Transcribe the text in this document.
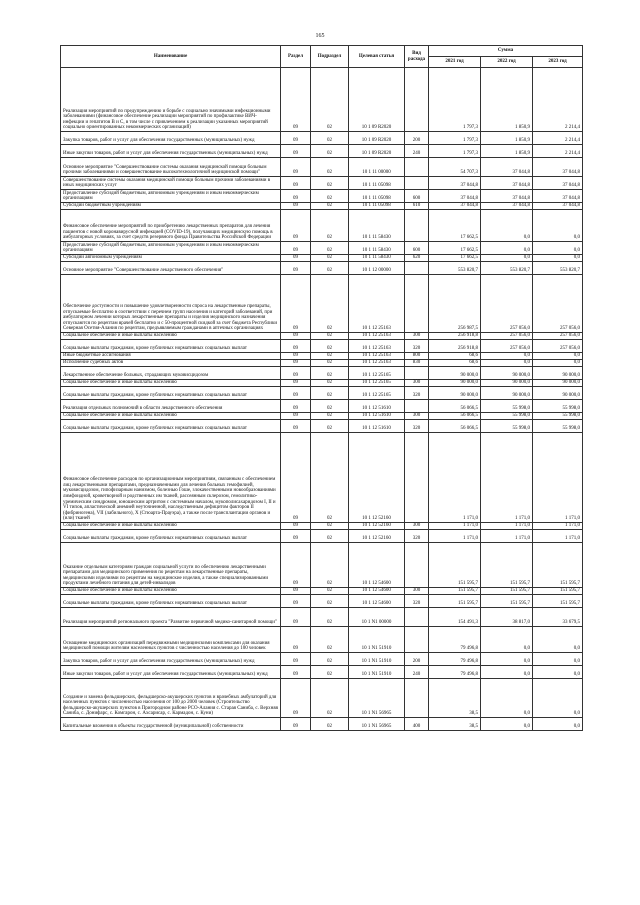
165
Наименование	Раздел	Подраздел	Целевая статья	Вид расхода	Сумма		
					2021 год	2022 год	2023 год
Реализация мероприятий по предупреждению и борьбе с социально значимыми инфекционными заболеваниями (финансовое обеспечение реализации мероприятий по профилактике ВИЧ-инфекции и гепатитов B и C, в том числе с привлечением к реализации указанных мероприятий социально ориентированных некоммерческих организаций)	09	02	10 1 09 R2020		1 797,3	1 850,9	2 214,4
Закупка товаров, работ и услуг для обеспечения государственных (муниципальных) нужд	09	02	10 1 09 R2020	200	1 797,3	1 850,9	2 214,4
Иные закупки товаров, работ и услуг для обеспечения государственных (муниципальных) нужд	09	02	10 1 09 R2020	240	1 797,3	1 850,9	2 214,4
Основное мероприятие "Совершенствование системы оказания медицинской помощи больным прочими заболеваниями и совершенствование высокотехнологичной медицинской помощи"	09	02	10 1 11 00000		54 707,3	37 044,8	37 044,8
Совершенствование системы оказания медицинской помощи больным прочими заболеваниями в иных медицинских услуг	09	02	10 1 11 05098		37 044,8	37 044,8	37 044,8
Предоставление субсидий бюджетным, автономным учреждениям и иным некоммерческим организациям	09	02	10 1 11 05098	600	37 044,8	37 044,8	37 044,8
Субсидии бюджетным учреждениям	09	02	10 1 11 05098	610	37 044,8	37 044,8	37 044,8
Финансовое обеспечение мероприятий по приобретению лекарственных препаратов для лечения пациентов с новой коронавирусной инфекцией (COVID-19), получающих медицинскую помощь в амбулаторных условиях, за счет средств резервного фонда Правительства Российской Федерации	09	02	10 1 11 58430		17 662,5	0,0	0,0
Предоставление субсидий бюджетным, автономным учреждениям и иным некоммерческим организациям	09	02	10 1 11 58430	600	17 662,5	0,0	0,0
Субсидии автономным учреждениям	09	02	10 1 11 58430	620	17 662,5	0,0	0,0
Основное мероприятие "Совершенствование лекарственного обеспечения"	09	02	10 1 12 00000		553 820,7	553 820,7	553 820,7
Обеспечение доступности и повышение удовлетворенности спроса на лекарственные препараты, отпускаемые бесплатно в соответствии с перечнем групп населения и категорий заболеваний, при амбулаторном лечении которых лекарственные препараты и изделия медицинского назначения отпускаются по рецептам врачей бесплатно и с 50-процентной скидкой за счет бюджета Республики Северная Осетия-Алания по рецептам, предъявляемым гражданами в аптечных организациях	09	02	10 1 12 25163		256 987,5	257 056,0	257 056,0
Социальное обеспечение и иные выплаты населению	09	02	10 1 12 25163	300	256 918,8	257 056,0	257 056,0
Социальные выплаты гражданам, кроме публичных нормативных социальных выплат	09	02	10 1 12 25163	320	256 918,8	257 056,0	257 056,0
Иные бюджетные ассигнования	09	02	10 1 12 25163	800	68,6	0,0	0,0
Исполнение судебных актов	09	02	10 1 12 25163	830	68,6	0,0	0,0
Лекарственное обеспечение больных, страдающих муковисцидозом	09	02	10 1 12 25165		90 000,0	90 000,0	90 000,0
Социальное обеспечение и иные выплаты населению	09	02	10 1 12 25165	300	90 000,0	90 000,0	90 000,0
Социальные выплаты гражданам, кроме публичных нормативных социальных выплат	09	02	10 1 12 25165	320	90 000,0	90 000,0	90 000,0
Реализация отдельных полномочий в области лекарственного обеспечения	09	02	10 1 12 51610		56 066,5	55 998,0	55 998,0
Социальное обеспечение и иные выплаты населению	09	02	10 1 12 51610	300	56 066,5	55 998,0	55 998,0
Социальные выплаты гражданам, кроме публичных нормативных социальных выплат	09	02	10 1 12 51610	320	56 066,5	55 998,0	55 998,0
Финансовое обеспечение расходов по организационным мероприятиям, связанным с обеспечением лиц лекарственными препаратами, предназначенными для лечения больных гемофилией, муковисцидозом, гипофизарным нанизмом, болезнью Гоше, злокачественными новообразованиями лимфоидной, кроветворной и родственных им тканей, рассеянным склерозом, гемолитико-уремическим синдромом, юношеским артритом с системным началом, мукополисахаридозом I, II и VI типов, апластической анемией неуточненной, наследственным дефицитом факторов II (фибриногена), VII (лабильного), X (Стюарта-Прауэра), а также после трансплантации органов и (или) тканей	09	02	10 1 12 52160		1 171,0	1 171,0	1 171,0
Социальное обеспечение и иные выплаты населению	09	02	10 1 12 52160	300	1 171,0	1 171,0	1 171,0
Социальные выплаты гражданам, кроме публичных нормативных социальных выплат	09	02	10 1 12 52160	320	1 171,0	1 171,0	1 171,0
Оказание отдельным категориям граждан социальной услуги по обеспечению лекарственными препаратами для медицинского применения по рецептам на лекарственные препараты, медицинскими изделиями по рецептам на медицинские изделия, а также специализированными продуктами лечебного питания для детей-инвалидов	09	02	10 1 12 54600		151 595,7	151 595,7	151 595,7
Социальное обеспечение и иные выплаты населению	09	02	10 1 12 54600	300	151 595,7	151 595,7	151 595,7
Социальные выплаты гражданам, кроме публичных нормативных социальных выплат	09	02	10 1 12 54600	320	151 595,7	151 595,7	151 595,7
Реализация мероприятий регионального проекта "Развитие первичной медико-санитарной помощи"	09	02	10 1 N1 00000		154 491,3	38 817,0	33 679,5
Оснащение медицинских организаций передвижными медицинскими комплексами для оказания медицинской помощи жителям населенных пунктов с численностью населения до 100 человек	09	02	10 1 N1 51910		79 496,8	0,0	0,0
Закупка товаров, работ и услуг для обеспечения государственных (муниципальных) нужд	09	02	10 1 N1 51910	200	79 496,8	0,0	0,0
Иные закупки товаров, работ и услуг для обеспечения государственных (муниципальных) нужд	09	02	10 1 N1 51910	240	79 496,8	0,0	0,0
Создание и замена фельдшерских, фельдшерско-акушерских пунктов и врачебных амбулаторий для населенных пунктов с численностью населения от 100 до 2000 человек (Строительство фельдшерско-акушерских пунктов в Пригородном районе РСО-Алания с. Старая Саниба, с. Верхняя Саниба, с. Донифарс, с. Комгарон, с. Ахсарисар, с. Кармадон, с. Куни)	09	02	10 1 N1 56965		38,5	0,0	0,0
Капитальные вложения в объекты государственной (муниципальной) собственности	09	02	10 1 N1 56965	400	38,5	0,0	0,0
